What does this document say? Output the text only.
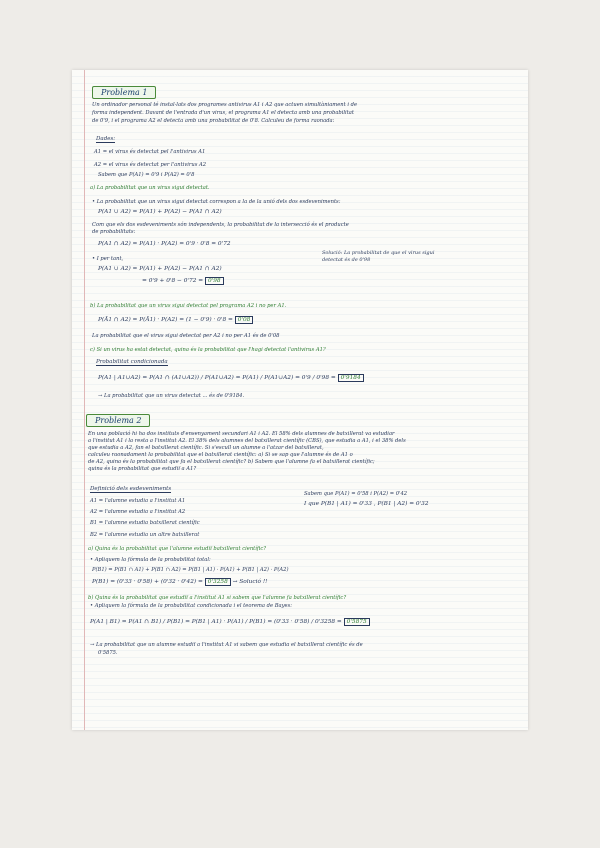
Problema 1
Un ordinador personal té instal·lats dos programes antivirus A1 i A2 que actuen simultàniament i de
forma independent. Davant de l'entrada d'un virus, el programa A1 el detecta amb una probabilitat
de 0'9, i el programa A2 el detecta amb una probabilitat de 0'8. Calculeu de forma raonada:
Dades:
A1 = el virus és detectat pel l'antivirus A1
A2 = el virus és detectat per l'antivirus A2
Sabem que P(A1) = 0'9 i P(A2) = 0'8
a) La probabilitat que un virus sigui detectat.
• La probabilitat que un virus sigui detectat correspon a la de la unió dels dos esdeveniments:
P(A1 ∪ A2) = P(A1) + P(A2) − P(A1 ∩ A2)
Com que els dos esdeveniments són independents, la probabilitat de la intersecció és el producte
de probabilitats:
P(A1 ∩ A2) = P(A1) · P(A2) = 0'9 · 0'8 = 0'72
• I per tant,
P(A1 ∪ A2) = P(A1) + P(A2) − P(A1 ∩ A2)
= 0'9 + 0'8 − 0'72 = 0'98
Solució: La probabilitat de que el virus sigui detectat és de 0'98
b) La probabilitat que un virus sigui detectat pel programa A2 i no per A1.
P(Ā1 ∩ A2) = P(Ā1) · P(A2) = (1 − 0'9) · 0'8 = 0'08
La probabilitat que el virus sigui detectat per A2 i no per A1 és de 0'08
c) Si un virus ha estat detectat, quina és la probabilitat que l'hagi detectat l'antivirus A1?
Probabilitat condicionada
P(A1 | A1∪A2) = P(A1 ∩ (A1∪A2)) / P(A1∪A2) = P(A1) / P(A1∪A2) = 0'9 / 0'98 = 0'9184
→ La probabilitat que un virus detectat ... és de 0'9184.
Problema 2
En una població hi ha dos instituts d'ensenyament secundari A1 i A2. El 58% dels alumnes de batxillerat va estudiar
a l'institut A1 i la resta a l'institut A2. El 38% dels alumnes del batxillerat científic (CBS), que estudia a A1, i el 38% dels
que estudia a A2, fan el batxillerat científic. Si s'escull un alumne a l'atzar del batxillerat,
calculeu raonadament la probabilitat que el batxillerat científic: a) Si se sap que l'alumne és de A1 o
de A2, quina és la probabilitat que fa el batxillerat científic? b) Sabem que l'alumne fa el batxillerat científic;
quina és la probabilitat que estudiï a A1?
Definició dels esdeveniments
A1 = l'alumne estudia a l'institut A1
A2 = l'alumne estudia a l'institut A2
B1 = l'alumne estudia batxillerat científic
B2 = l'alumne estudia un altre batxillerat
Sabem que P(A1) = 0'58 i P(A2) = 0'42
I que P(B1 | A1) = 0'33 , P(B1 | A2) = 0'32
a) Quina és la probabilitat que l'alumne estudiï batxillerat científic?
• Apliquem la fórmula de la probabilitat total:
P(B1) = P(B1 ∩ A1) + P(B1 ∩ A2) = P(B1 | A1) · P(A1) + P(B1 | A2) · P(A2)
P(B1) = (0'33 · 0'58) + (0'32 · 0'42) = 0'3258 → Solució !!
b) Quina és la probabilitat que estudiï a l'institut A1 si sabem que l'alumne fa batxillerat científic?
• Apliquem la fórmula de la probabilitat condicionada i el teorema de Bayes:
P(A1 | B1) = P(A1 ∩ B1) / P(B1) = P(B1 | A1) · P(A1) / P(B1) = (0'33 · 0'58) / 0'3258 = 0'5875
→ La probabilitat que un alumne estudiï a l'institut A1 si sabem que estudia el batxillerat científic és de
0'5875.
